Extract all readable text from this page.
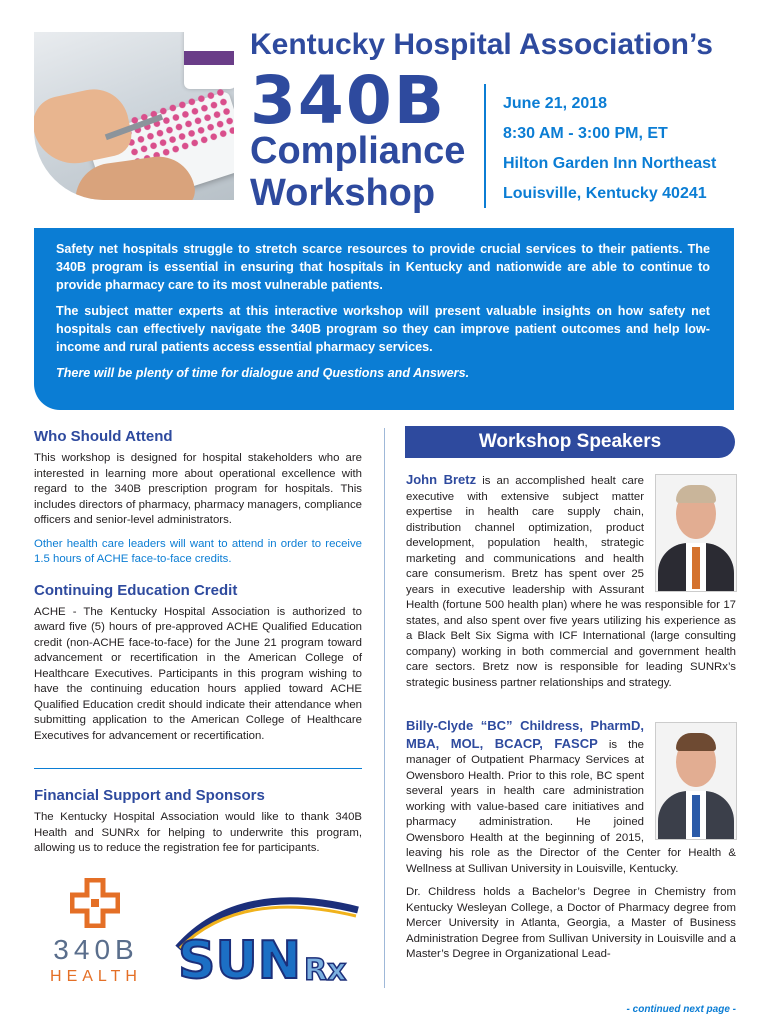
Kentucky Hospital Association’s
340B
Compliance
Workshop
June 21, 2018
8:30 AM - 3:00 PM, ET
Hilton Garden Inn Northeast
Louisville, Kentucky 40241

Safety net hospitals struggle to stretch scarce resources to provide crucial services to their patients. The 340B program is essential in ensuring that hospitals in Kentucky and nationwide are able to continue to provide pharmacy care to its most vulnerable patients.

The subject matter experts at this interactive workshop will present valuable insights on how safety net hospitals can effectively navigate the 340B program so they can improve patient outcomes and help low-income and rural patients access essential pharmacy services.

There will be plenty of time for dialogue and Questions and Answers.

Who Should Attend

This workshop is designed for hospital stakeholders who are interested in learning more about operational excellence with regard to the 340B prescription program for hospitals. This includes directors of pharmacy, pharmacy managers, compliance officers and senior-level administrators.

Other health care leaders will want to attend in order to receive 1.5 hours of ACHE face-to-face credits.

Continuing Education Credit

ACHE - The Kentucky Hospital Association is authorized to award five (5) hours of pre-approved ACHE Qualified Education credit (non-ACHE face-to-face) for the June 21 program toward advancement or recertification in the American College of Healthcare Executives. Participants in this program wishing to have the continuing education hours applied toward ACHE Qualified Education credit should indicate their attendance when submitting application to the American College of Healthcare Executives for advancement or recertification.

Financial Support and Sponsors

The Kentucky Hospital Association would like to thank 340B Health and SUNRx for helping to underwrite this program, allowing us to reduce the registration fee for participants.

340B
HEALTH SUN Rx
Workshop Speakers
John Bretz is an accomplished healt care executive with extensive subject matter expertise in health care supply chain, distribution channel optimization, product development, population health, strategic marketing and communications and health care consumerism. Bretz has spent over 25 years in executive leadership with Assurant Health (fortune 500 health plan) where he was responsible for 17 states, and also spent over five years utilizing his experience as a Black Belt Six Sigma with ICF International (large consulting company) working in both commercial and government health care sectors. Bretz now is responsible for leading SUNRx’s strategic business partner relationships and strategy.
Billy-Clyde “BC” Childress, PharmD, MBA, MOL, BCACP, FASCP is the manager of Outpatient Pharmacy Services at Owensboro Health. Prior to this role, BC spent several years in health care administration working with value-based care initiatives and pharmacy administration. He joined Owensboro Health at the beginning of 2015, leaving his role as the Director of the Center for Health & Wellness at Sullivan University in Louisville, Kentucky.

Dr. Childress holds a Bachelor’s Degree in Chemistry from Kentucky Wesleyan College, a Doctor of Pharmacy degree from Mercer University in Atlanta, Georgia, a Master of Business Administration Degree from Sullivan University in Louisville and a Master’s Degree in Organizational Lead-

- continued next page -
